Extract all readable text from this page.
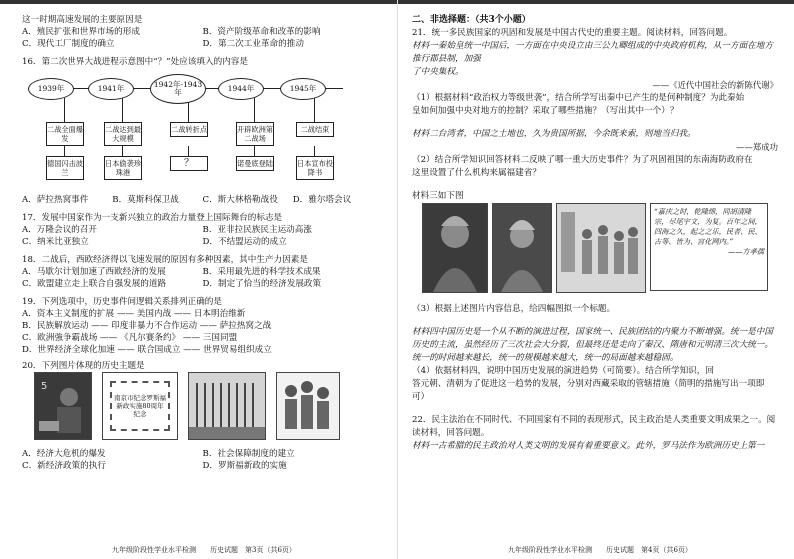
这一时期高速发展的主要原因是
A．殖民扩张和世界市场的形成	B．资产阶级革命和改革的影响
C．现代工厂制度的确立	D．第二次工业革命的推动
16．第二次世界大战进程示意图中“？”处应该填入的内容是
1939年	1941年	1942年-1943年	1944年	1945年
二战全面爆发
二战达到最大规模
二战转折点	开辟欧洲第二战场
二战结束
德国闪击波兰
日本偷袭珍珠港
？	诺曼底登陆	日本宣布投降书
A．萨拉热窝事件	B．莫斯科保卫战	C．斯大林格勒战役	D．雅尔塔会议
17．发展中国家作为一支新兴独立的政治力量登上国际舞台的标志是
A．万隆会议的召开	B．亚非拉民族民主运动高涨
C．纳米比亚独立	D．不结盟运动的成立
18．二战后，西欧经济得以飞速发展的原因有多种因素，其中生产力因素是
A．马歇尔计划加速了西欧经济的发展	B．采用最先进的科学技术成果
C．欧盟建立走上联合自强发展的道路	D．制定了恰当的经济发展政策
19．下列选项中，历史事件间逻辑关系排列正确的是
A．资本主义制度的扩展 —— 美国内战 —— 日本明治维新
B．民族解放运动 —— 印度非暴力不合作运动 —— 萨拉热窝之战
C．欧洲強争霸战场 —— 《凡尔赛条约》 —— 三国同盟
D．世界经济全球化加速 —— 联合国成立 —— 世界贸易组织成立
20．下列图片体现的历史主题是
5
南京市纪念罗斯福新政实施80周年纪念
A．经济大危机的爆发	B．社会保障制度的建立
C．新经济政策的执行	D．罗斯福新政的实施
九年级阶段性学业水平检测　　历史试题　第3页（共6页）
二、非选择题：（共3个小题）
21．统一多民族国家的巩固和发展是中国古代史的重要主题。阅读材料，回答问题。
材料一秦始皇统一中国后，一方面在中央设立由三公九卿组成的中央政府机构，从一方面在地方推行郡县制，加强
了中央集权。
——《近代中国社会的新陈代谢》
（1）根据材料“政治权力等级世袭”，结合所学写出秦中已产生的是何种制度？为此秦始
皇如何加强中央对地方的控制？采取了哪些措施？（写出其中一个）？
材料二台湾者，中国之土地也，久为贵国所据，今余既来索，则地当归我。
——郑成功
（2）结合所学知识回答材料二反映了哪一重大历史事件？为了巩固祖国的东南海防政府在
这里设置了什么机构来属福建省？
材料三如下图
“嘉庆之时，乾隆绵，同胡清隆宗，尽尾宇文，为复。百年之间，四海之久，起之之乐，民者、民、古等、皆为、宫化网内。”
——方孝孺
（3）根据上述图片内容信息，给四幅图拟一个标题。
材料四中国历史是一个从不断的演进过程，国家统一、民族团结的内聚力不断增强。统一是中国
历史的主流，虽然经历了三次社会大分裂，但最终还是走向了秦汉、隋唐和元明清三次大统一。
统一的时间越来越长，统一的规模越来越大，统一的局面越来越稳固。
（4）依据材料四，说明中国历史发展的演进趋势（可简要）。结合所学知识，回
答元朝、清朝为了促进这一趋势的发展，分别对西藏采取的管辖措施（简明的措施写出一项即
可）
22．民主法治在不同时代、不同国家有不同的表现形式，民主政治是人类重要文明成果之一。阅
读材料，回答问题。
材料一古希腊的民主政治对人类文明的发展有着重要意义。此外，罗马法作为欧洲历史上第一
九年级阶段性学业水平检测　　历史试题　第4页（共6页）
